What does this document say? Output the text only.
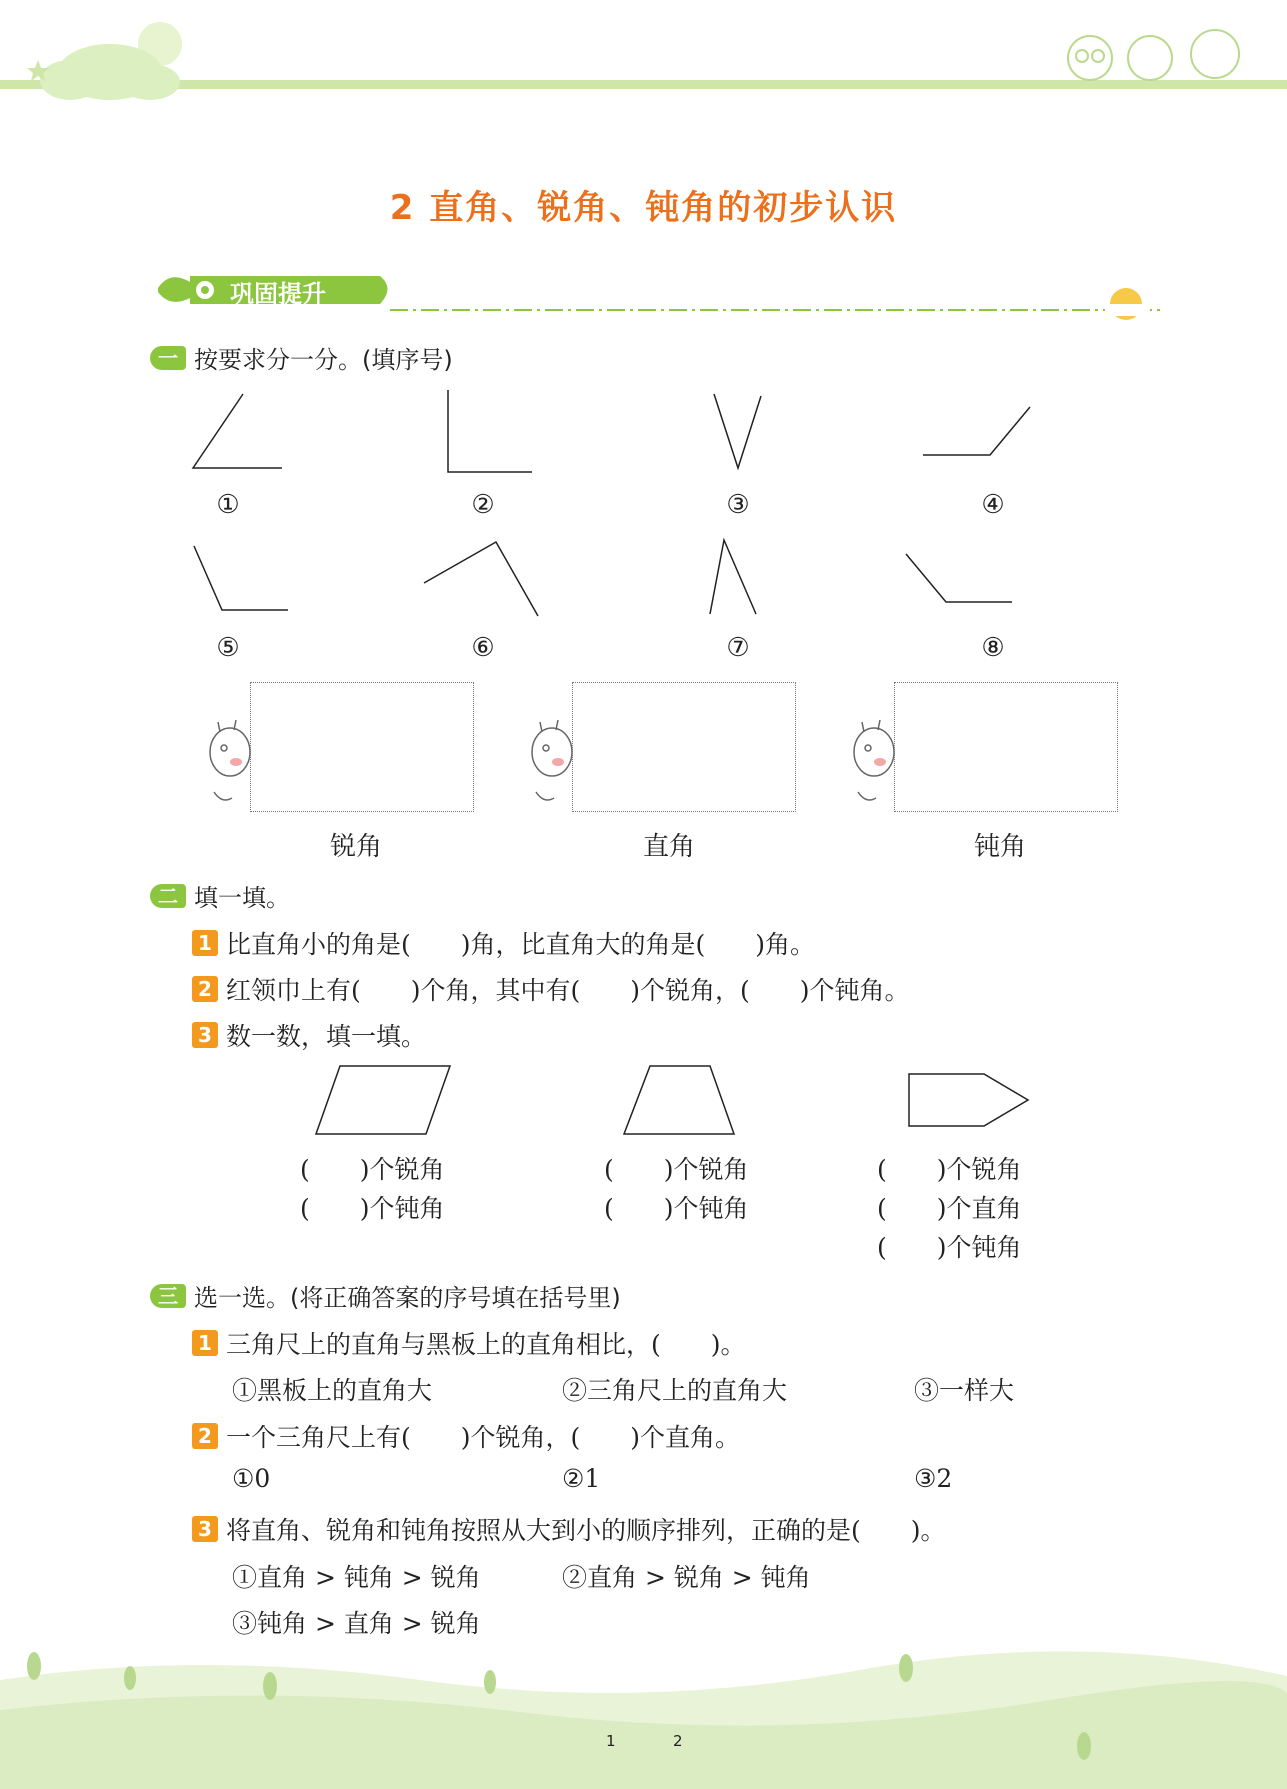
2 直角、锐角、钝角的初步认识
巩固提升
一 按要求分一分。(填序号)
①	②	③	④
⑤	⑥	⑦	⑧
锐角	直角	钝角
二 填一填。
1 比直角小的角是(　　)角，比直角大的角是(　　)角。
2 红领巾上有(　　)个角，其中有(　　)个锐角，(　　)个钝角。
3 数一数，填一填。
(　　)个锐角
(　　)个钝角
(　　)个锐角
(　　)个钝角
(　　)个锐角
(　　)个直角
(　　)个钝角
三 选一选。(将正确答案的序号填在括号里)
1 三角尺上的直角与黑板上的直角相比，(　　)。
①黑板上的直角大	②三角尺上的直角大	③一样大
2 一个三角尺上有(　　)个锐角，(　　)个直角。
①0	②1	③2
3 将直角、锐角和钝角按照从大到小的顺序排列，正确的是(　　)。
①直角 > 钝角 > 锐角	②直角 > 锐角 > 钝角
③钝角 > 直角 > 锐角
1	2
